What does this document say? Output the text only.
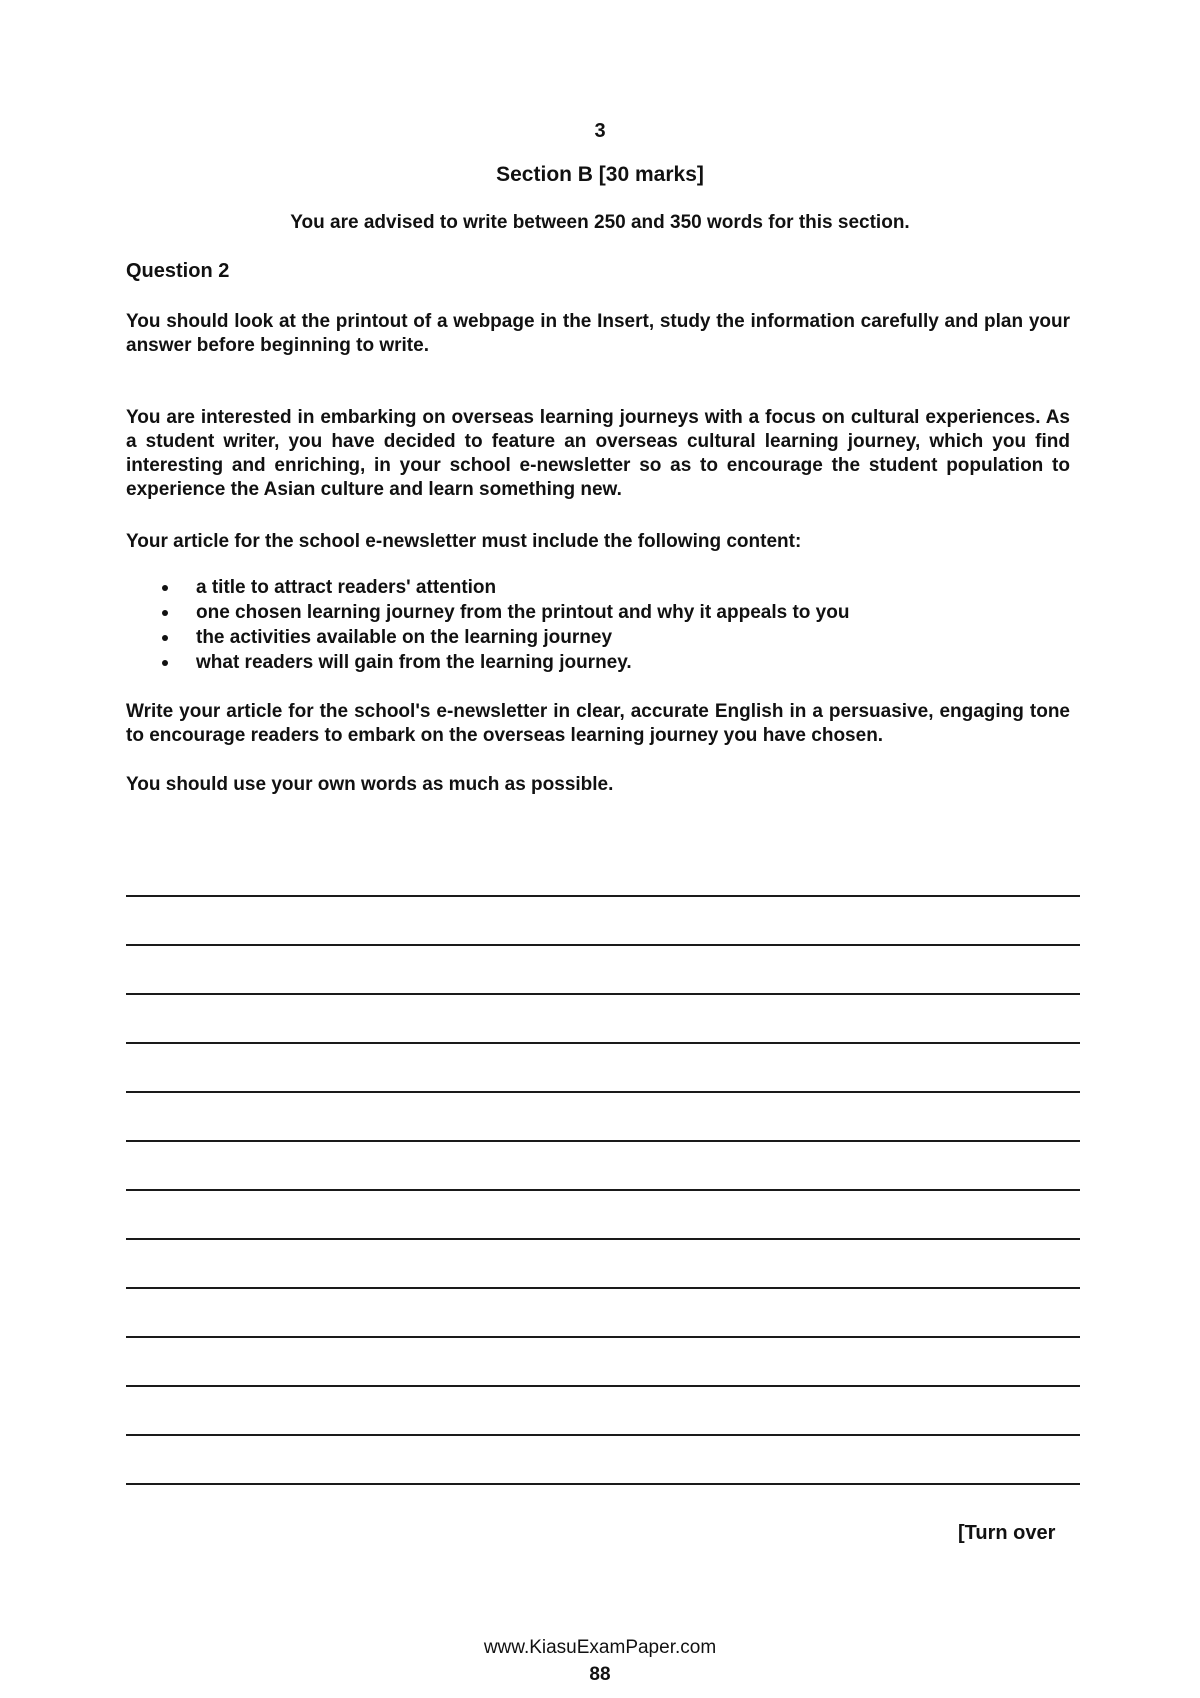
3
Section B [30 marks]
You are advised to write between 250 and 350 words for this section.
Question 2
You should look at the printout of a webpage in the Insert, study the information carefully and plan your answer before beginning to write.
You are interested in embarking on overseas learning journeys with a focus on cultural experiences. As a student writer, you have decided to feature an overseas cultural learning journey, which you find interesting and enriching, in your school e-newsletter so as to encourage the student population to experience the Asian culture and learn something new.
Your article for the school e-newsletter must include the following content:
a title to attract readers' attention
one chosen learning journey from the printout and why it appeals to you
the activities available on the learning journey
what readers will gain from the learning journey.
Write your article for the school's e-newsletter in clear, accurate English in a persuasive, engaging tone to encourage readers to embark on the overseas learning journey you have chosen.
You should use your own words as much as possible.
[Turn over
www.KiasuExamPaper.com
88
